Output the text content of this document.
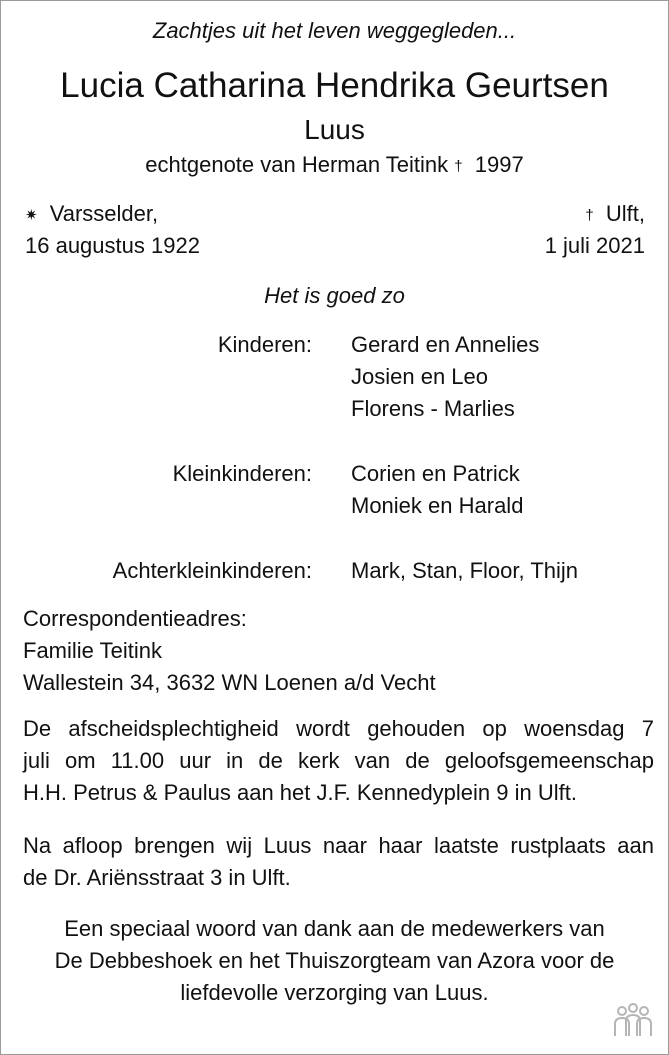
Zachtjes uit het leven weggegleden...
Lucia Catharina Hendrika Geurtsen
Luus
echtgenote van Herman Teitink † 1997
✷ Varsselder,
16 augustus 1922
† Ulft,
1 juli 2021
Het is goed zo
Kinderen: Gerard en Annelies
Josien en Leo
Florens - Marlies
Kleinkinderen: Corien en Patrick
Moniek en Harald
Achterkleinkinderen: Mark, Stan, Floor, Thijn
Correspondentieadres:
Familie Teitink
Wallestein 34, 3632 WN Loenen a/d Vecht
De afscheidsplechtigheid wordt gehouden op woensdag 7
juli om 11.00 uur in de kerk van de geloofsgemeenschap
H.H. Petrus & Paulus aan het J.F. Kennedyplein 9 in Ulft.
Na afloop brengen wij Luus naar haar laatste rustplaats aan
de Dr. Ariënsstraat 3 in Ulft.
Een speciaal woord van dank aan de medewerkers van
De Debbeshoek en het Thuiszorgteam van Azora voor de
liefdevolle verzorging van Luus.
